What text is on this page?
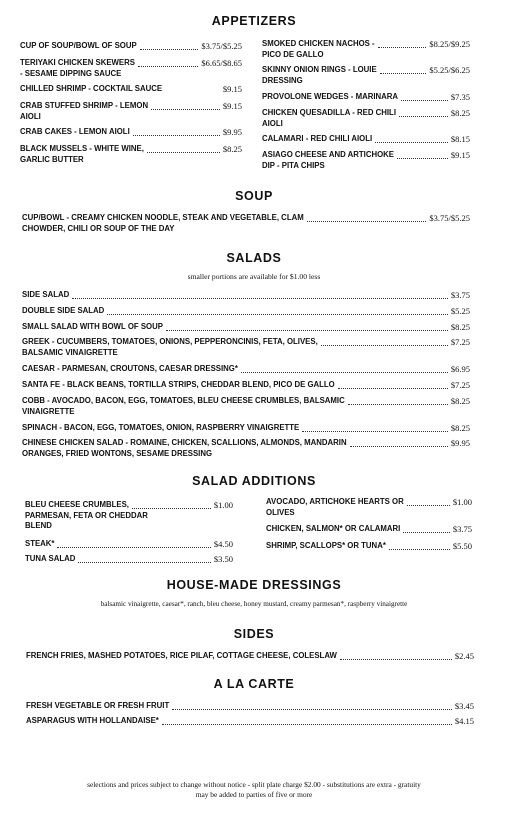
APPETIZERS
CUP OF SOUP/BOWL OF SOUP	$3.75/$5.25
TERIYAKI CHICKEN SKEWERS	$6.65/$8.65
- SESAME DIPPING SAUCE
CHILLED SHRIMP - COCKTAIL SAUCE	$9.15
CRAB STUFFED SHRIMP - LEMON	$9.15
AIOLI
CRAB CAKES - LEMON AIOLI	$9.95
BLACK MUSSELS - WHITE WINE,	$8.25
GARLIC BUTTER
SMOKED CHICKEN NACHOS -	$8.25/$9.25
PICO DE GALLO
SKINNY ONION RINGS - LOUIE	$5.25/$6.25
DRESSING
PROVOLONE WEDGES - MARINARA	$7.35
CHICKEN QUESADILLA - RED CHILI	$8.25
AIOLI
CALAMARI - RED CHILI AIOLI	$8.15
ASIAGO CHEESE AND ARTICHOKE	$9.15
DIP - PITA CHIPS
SOUP
CUP/BOWL - CREAMY CHICKEN NOODLE, STEAK AND VEGETABLE, CLAM	$3.75/$5.25
CHOWDER, CHILI OR SOUP OF THE DAY
SALADS
smaller portions are available for $1.00 less
SIDE SALAD	$3.75
DOUBLE SIDE SALAD	$5.25
SMALL SALAD WITH BOWL OF SOUP	$8.25
GREEK - CUCUMBERS, TOMATOES, ONIONS, PEPPERONCINIS, FETA, OLIVES,	$7.25
BALSAMIC VINAIGRETTE
CAESAR - PARMESAN, CROUTONS, CAESAR DRESSING*	$6.95
SANTA FE - BLACK BEANS, TORTILLA STRIPS, CHEDDAR BLEND, PICO DE GALLO	$7.25
COBB - AVOCADO, BACON, EGG, TOMATOES, BLEU CHEESE CRUMBLES, BALSAMIC	$8.25
VINAIGRETTE
SPINACH - BACON, EGG, TOMATOES, ONION, RASPBERRY VINAIGRETTE	$8.25
CHINESE CHICKEN SALAD - ROMAINE, CHICKEN, SCALLIONS, ALMONDS, MANDARIN	$9.95
ORANGES, FRIED WONTONS, SESAME DRESSING
SALAD ADDITIONS
BLEU CHEESE CRUMBLES,	$1.00
PARMESAN, FETA OR CHEDDAR
BLEND
STEAK*	$4.50
TUNA SALAD	$3.50
AVOCADO, ARTICHOKE HEARTS OR	$1.00
OLIVES
CHICKEN, SALMON* OR CALAMARI	$3.75
SHRIMP, SCALLOPS* OR TUNA*	$5.50
HOUSE-MADE DRESSINGS
balsamic vinaigrette, caesar*, ranch, bleu cheese, honey mustard, creamy parmesan*, raspberry vinaigrette
SIDES
FRENCH FRIES, MASHED POTATOES, RICE PILAF, COTTAGE CHEESE, COLESLAW	$2.45
A LA CARTE
FRESH VEGETABLE OR FRESH FRUIT	$3.45
ASPARAGUS WITH HOLLANDAISE*	$4.15
selections and prices subject to change without notice - split plate charge $2.00 - substitutions are extra - gratuity
may be added to parties of five or more
